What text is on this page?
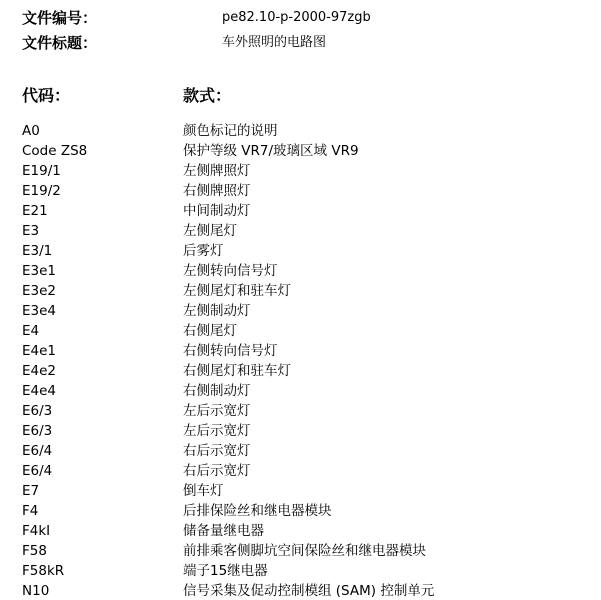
文件编号：	pe82.10-p-2000-97zgb
文件标题：	车外照明的电路图
代码：	款式：
A0	颜色标记的说明
Code ZS8	保护等级 VR7/玻璃区域 VR9
E19/1	左侧牌照灯
E19/2	右侧牌照灯
E21	中间制动灯
E3	左侧尾灯
E3/1	后雾灯
E3e1	左侧转向信号灯
E3e2	左侧尾灯和驻车灯
E3e4	左侧制动灯
E4	右侧尾灯
E4e1	右侧转向信号灯
E4e2	右侧尾灯和驻车灯
E4e4	右侧制动灯
E6/3	左后示宽灯
E6/3	左后示宽灯
E6/4	右后示宽灯
E6/4	右后示宽灯
E7	倒车灯
F4	后排保险丝和继电器模块
F4kI	储备量继电器
F58	前排乘客侧脚坑空间保险丝和继电器模块
F58kR	端子15继电器
N10	信号采集及促动控制模组 (SAM) 控制单元
